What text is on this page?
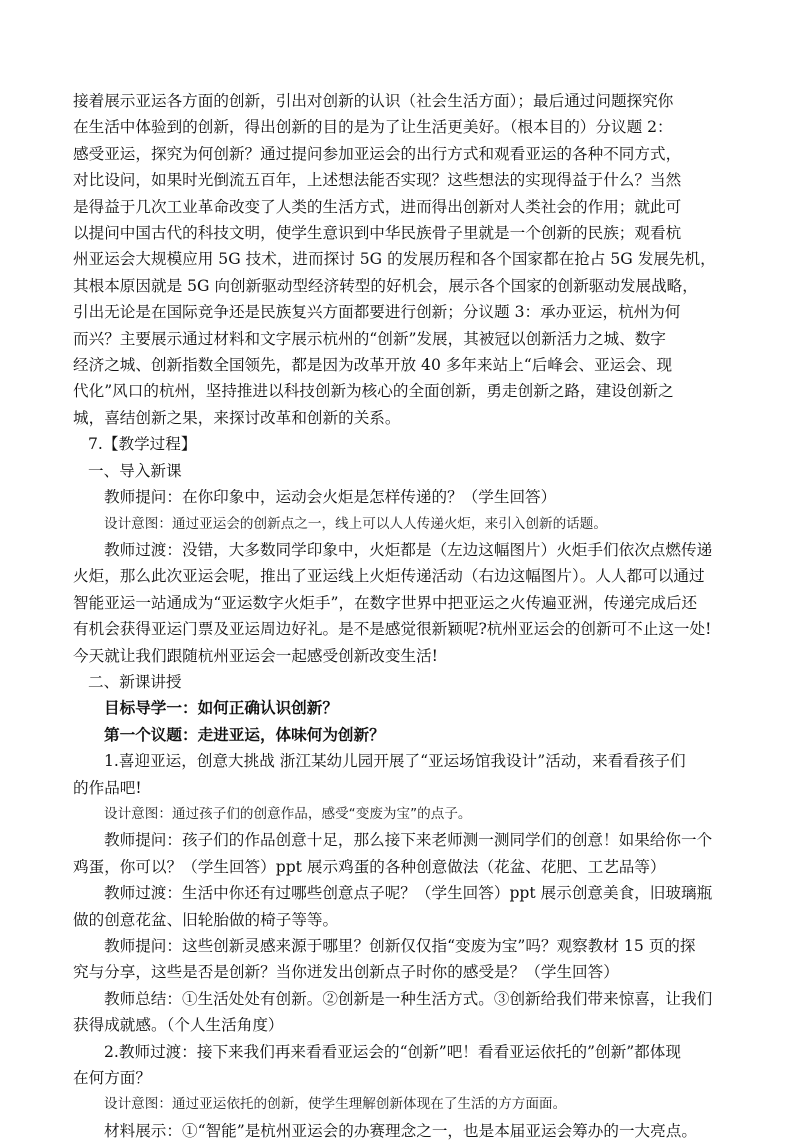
接着展示亚运各方面的创新，引出对创新的认识（社会生活方面）；最后通过问题探究你
在生活中体验到的创新，得出创新的目的是为了让生活更美好。（根本目的）分议题 2：
感受亚运，探究为何创新？通过提问参加亚运会的出行方式和观看亚运的各种不同方式，
对比设问，如果时光倒流五百年，上述想法能否实现？这些想法的实现得益于什么？当然
是得益于几次工业革命改变了人类的生活方式，进而得出创新对人类社会的作用；就此可
以提问中国古代的科技文明，使学生意识到中华民族骨子里就是一个创新的民族；观看杭
州亚运会大规模应用 5G 技术，进而探讨 5G 的发展历程和各个国家都在抢占 5G 发展先机，
其根本原因就是 5G 向创新驱动型经济转型的好机会，展示各个国家的创新驱动发展战略，
引出无论是在国际竞争还是民族复兴方面都要进行创新；分议题 3：承办亚运，杭州为何
而兴？主要展示通过材料和文字展示杭州的“创新”发展，其被冠以创新活力之城、数字
经济之城、创新指数全国领先，都是因为改革开放 40 多年来站上“后峰会、亚运会、现
代化”风口的杭州，坚持推进以科技创新为核心的全面创新，勇走创新之路，建设创新之
城，喜结创新之果，来探讨改革和创新的关系。

7.【教学过程】

一、导入新课

教师提问：在你印象中，运动会火炬是怎样传递的？（学生回答）

设计意图：通过亚运会的创新点之一，线上可以人人传递火炬，来引入创新的话题。

教师过渡：没错，大多数同学印象中，火炬都是（左边这幅图片）火炬手们依次点燃传递
火炬，那么此次亚运会呢，推出了亚运线上火炬传递活动（右边这幅图片）。人人都可以通过
智能亚运一站通成为“亚运数字火炬手”，在数字世界中把亚运之火传遍亚洲，传递完成后还
有机会获得亚运门票及亚运周边好礼。是不是感觉很新颖呢?杭州亚运会的创新可不止这一处!
今天就让我们跟随杭州亚运会一起感受创新改变生活!

二、新课讲授

目标导学一：如何正确认识创新？

第一个议题：走进亚运，体味何为创新？

1.喜迎亚运，创意大挑战 浙江某幼儿园开展了“亚运场馆我设计”活动，来看看孩子们
的作品吧!

设计意图：通过孩子们的创意作品，感受“变废为宝”的点子。

教师提问：孩子们的作品创意十足，那么接下来老师测一测同学们的创意！如果给你一个
鸡蛋，你可以？（学生回答）ppt 展示鸡蛋的各种创意做法（花盆、花肥、工艺品等）

教师过渡：生活中你还有过哪些创意点子呢？（学生回答）ppt 展示创意美食，旧玻璃瓶
做的创意花盆、旧轮胎做的椅子等等。

教师提问：这些创新灵感来源于哪里？创新仅仅指“变废为宝”吗？观察教材 15 页的探
究与分享，这些是否是创新？当你迸发出创新点子时你的感受是？（学生回答）

教师总结：①生活处处有创新。②创新是一种生活方式。③创新给我们带来惊喜，让我们
获得成就感。（个人生活角度）

2.教师过渡：接下来我们再来看看亚运会的“创新”吧！看看亚运依托的”创新”都体现
在何方面？

设计意图：通过亚运依托的创新，使学生理解创新体现在了生活的方方面面。

材料展示：①“智能”是杭州亚运会的办赛理念之一，也是本届亚运会筹办的一大亮点。
